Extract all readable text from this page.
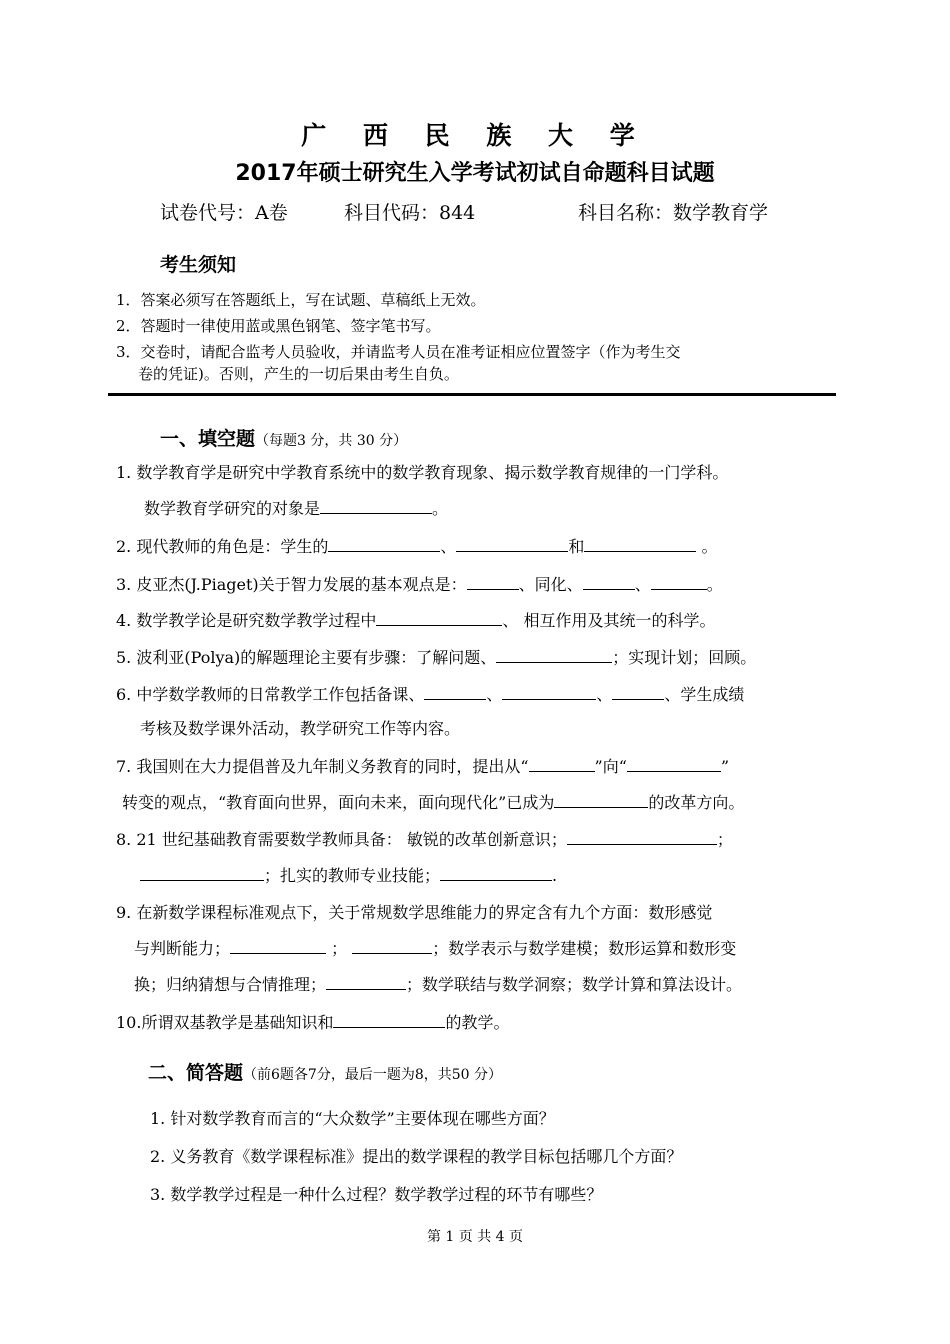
广 西 民 族 大 学
2017年硕士研究生入学考试初试自命题科目试题
试卷代号：A卷	科目代码：844	科目名称：数学教育学
考生须知
1．答案必须写在答题纸上，写在试题、草稿纸上无效。
2．答题时一律使用蓝或黑色钢笔、签字笔书写。
3．交卷时，请配合监考人员验收，并请监考人员在准考证相应位置签字（作为考生交
卷的凭证)。否则，产生的一切后果由考生自负。
一、填空题（每题3 分，共 30 分）
1. 数学教育学是研究中学教育系统中的数学教育现象、揭示数学教育规律的一门学科。
数学教育学研究的对象是	。
2. 现代教师的角色是：学生的	、	和	。
3. 皮亚杰(J.Piaget)关于智力发展的基本观点是：	、同化、	、	。
4. 数学教学论是研究数学教学过程中	、 相互作用及其统一的科学。
5. 波利亚(Polya)的解题理论主要有步骤：了解问题、	；实现计划；回顾。
6. 中学数学教师的日常教学工作包括备课、	、	、	、学生成绩
考核及数学课外活动，教学研究工作等内容。
7. 我国则在大力提倡普及九年制义务教育的同时，提出从“	”向“	”
转变的观点，“教育面向世界，面向未来，面向现代化”已成为	的改革方向。
8. 21 世纪基础教育需要数学教师具备： 敏锐的改革创新意识；	；
；扎实的教师专业技能；	.
9. 在新数学课程标准观点下，关于常规数学思维能力的界定含有九个方面：数形感觉
与判断能力；	；	；数学表示与数学建模；数形运算和数形变
换；归纳猜想与合情推理；	；数学联结与数学洞察；数学计算和算法设计。
10.所谓双基教学是基础知识和	的教学。
二、简答题（前6题各7分，最后一题为8，共50 分）
1. 针对数学教育而言的“大众数学”主要体现在哪些方面？
2. 义务教育《数学课程标准》提出的数学课程的教学目标包括哪几个方面？
3. 数学教学过程是一种什么过程？数学教学过程的环节有哪些？
第 1 页 共 4 页
